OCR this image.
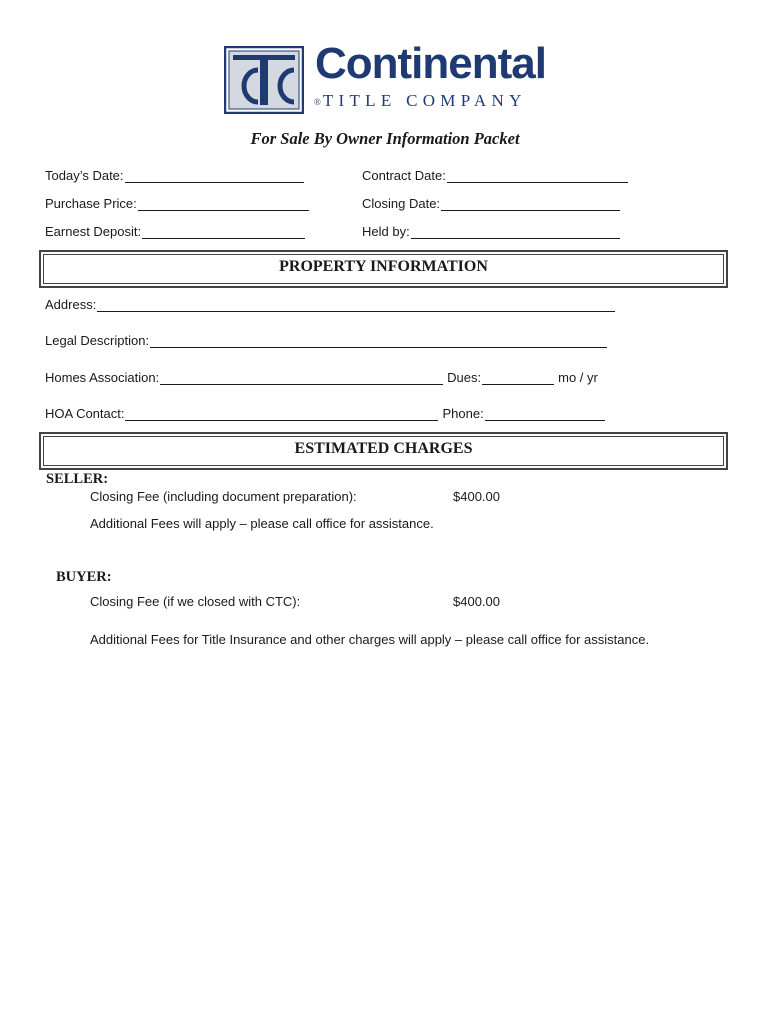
Continental
® TITLE COMPANY
For Sale By Owner Information Packet
Today’s Date:	Contract Date:
Purchase Price:	Closing Date:
Earnest Deposit:	Held by:
PROPERTY INFORMATION
Address:
Legal Description:
Homes Association:	Dues:	mo / yr
HOA Contact:	Phone:
ESTIMATED CHARGES
SELLER:
Closing Fee (including document preparation):	$400.00
Additional Fees will apply – please call office for assistance.
BUYER:
Closing Fee (if we closed with CTC):	$400.00
Additional Fees for Title Insurance and other charges will apply – please call office for assistance.
